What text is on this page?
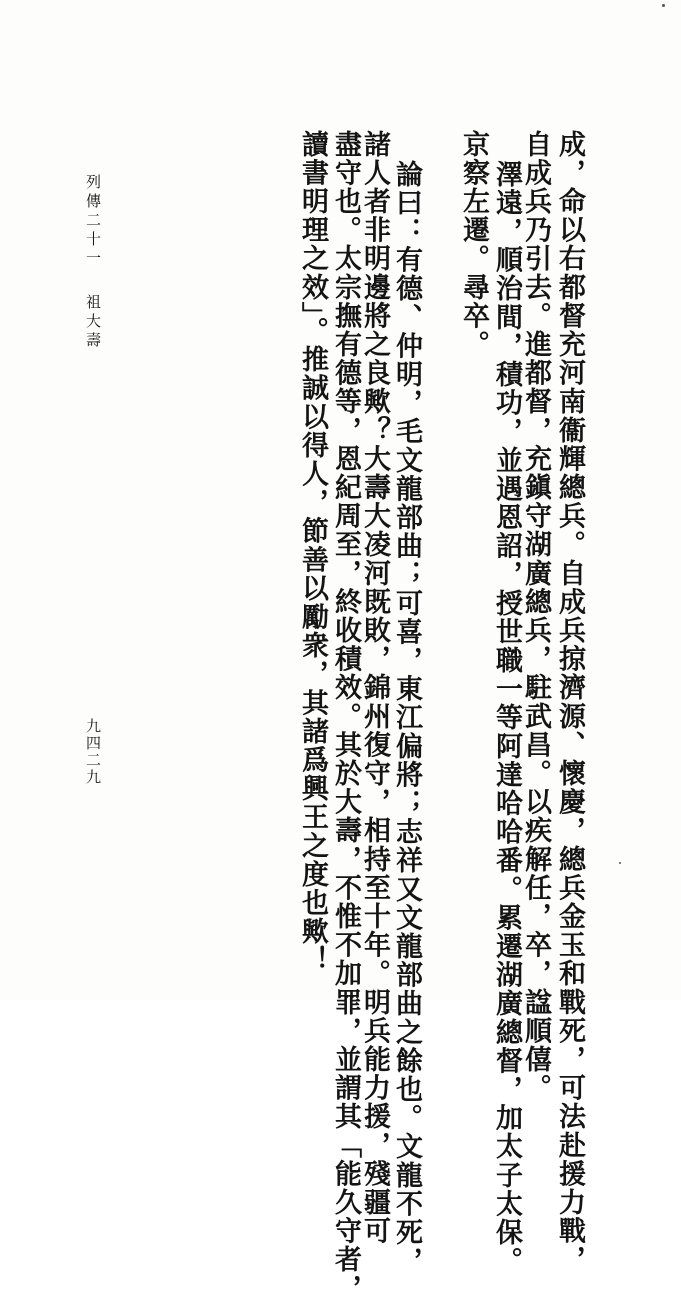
成，命以右都督充河南衞輝總兵。自成兵掠濟源、懷慶，總兵金玉和戰死，可法赴援力戰，
自成兵乃引去。進都督，充鎭守湖廣總兵，駐武昌。以疾解任，卒，諡順僖。
澤遠，順治間，積功，並遇恩詔，授世職一等阿達哈哈番。累遷湖廣總督，加太子太保。
京察左遷。尋卒。
論曰：有德、仲明，毛文龍部曲；可喜，東江偏將；志祥又文龍部曲之餘也。文龍不死，
諸人者非明邊將之良歟？大壽大凌河既敗，錦州復守，相持至十年。明兵能力援，殘疆可
盡守也。太宗撫有德等，恩紀周至，終收積效。其於大壽，不惟不加罪，並謂其「能久守者，
讀書明理之效」。推誠以得人，節善以勵衆，其諸爲興王之度也歟！
列傳二十一
祖大壽
九四二九
